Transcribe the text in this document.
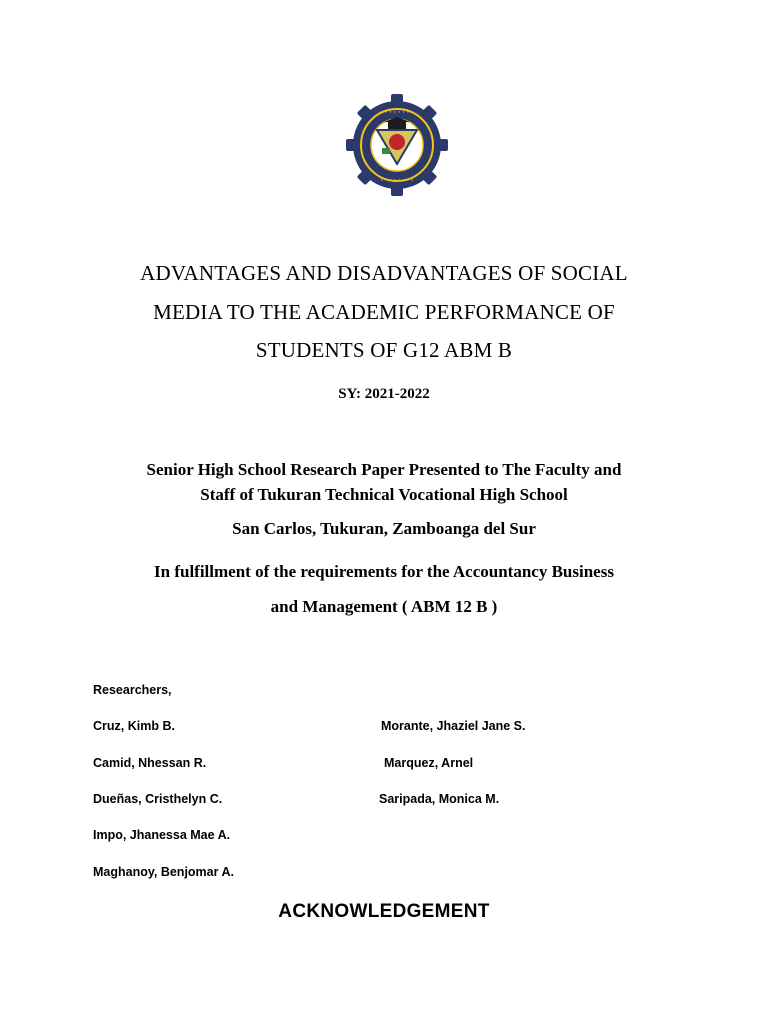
· · · · · · · ·
· · · · · · · ·
ADVANTAGES AND DISADVANTAGES OF SOCIAL
MEDIA TO THE ACADEMIC PERFORMANCE OF
STUDENTS OF G12 ABM B
SY: 2021-2022
Senior High School Research Paper Presented to The Faculty and
Staff of Tukuran Technical Vocational High School
San Carlos, Tukuran, Zamboanga del Sur
In fulfillment of the requirements for the Accountancy Business
and Management ( ABM 12 B )
Researchers,
Cruz, Kimb B.
Camid, Nhessan R.
Dueñas, Cristhelyn C.
Impo, Jhanessa Mae A.
Maghanoy, Benjomar A.
Morante, Jhaziel Jane S.
Marquez, Arnel
Saripada, Monica M.
ACKNOWLEDGEMENT
